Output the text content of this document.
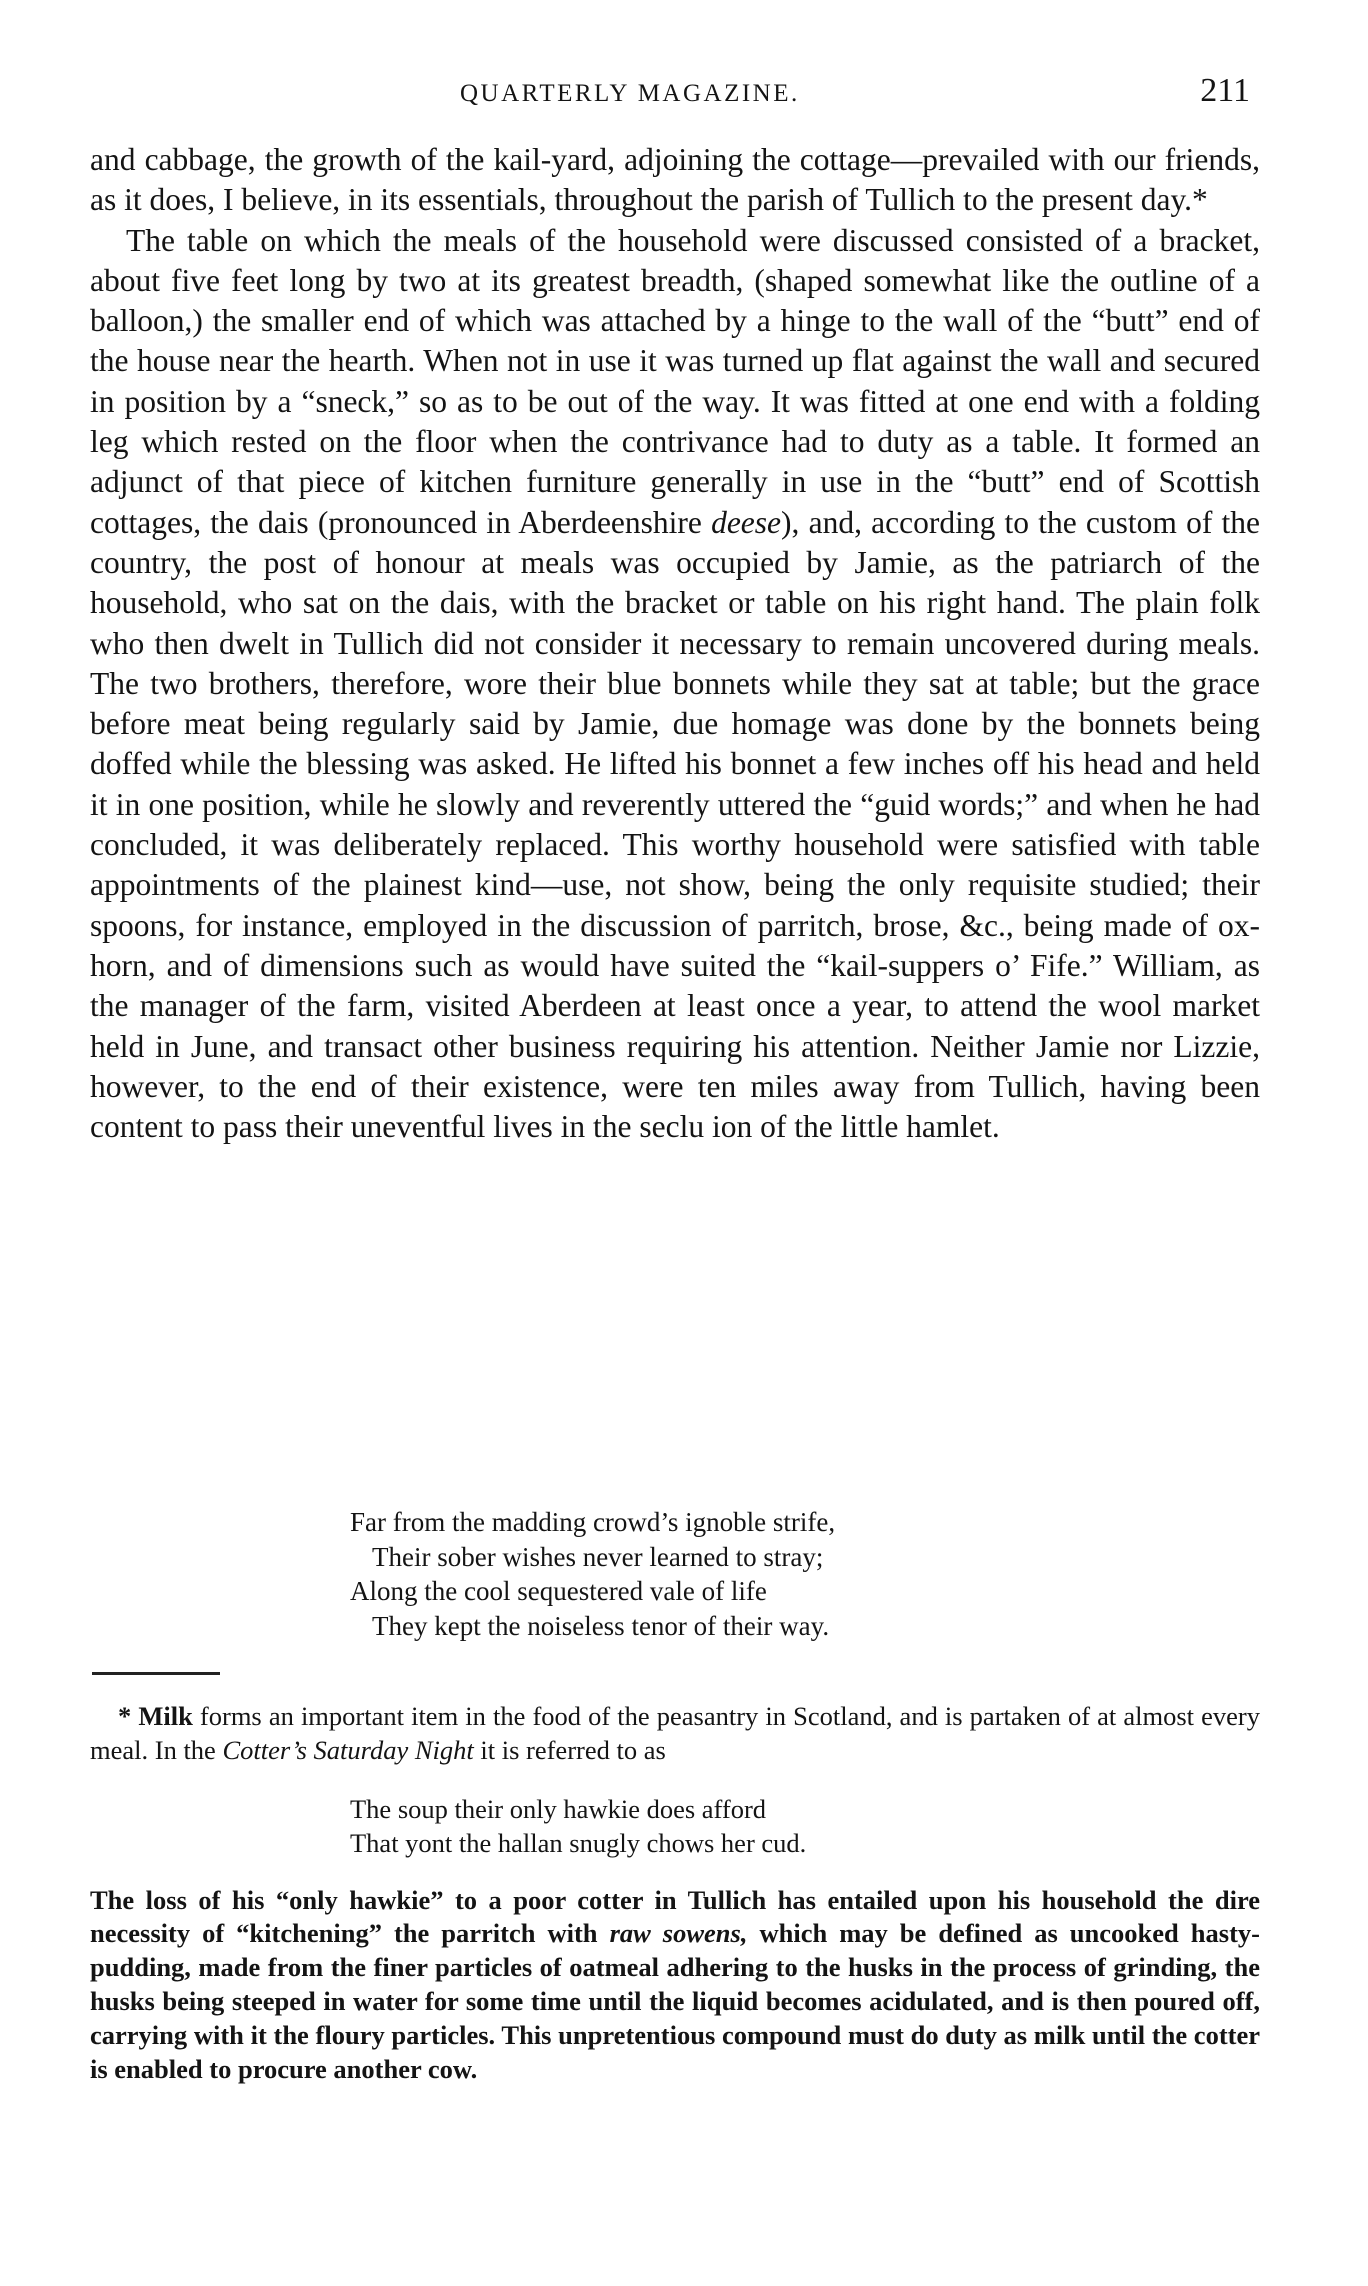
QUARTERLY MAGAZINE.	211

and cabbage, the growth of the kail-yard, adjoining the cottage—prevailed with our friends, as it does, I believe, in its essentials, throughout the parish of Tullich to the present day.*

The table on which the meals of the household were discussed consisted of a bracket, about five feet long by two at its greatest breadth, (shaped somewhat like the outline of a balloon,) the smaller end of which was attached by a hinge to the wall of the “butt” end of the house near the hearth. When not in use it was turned up flat against the wall and secured in position by a “sneck,” so as to be out of the way. It was fitted at one end with a folding leg which rested on the floor when the contrivance had to duty as a table. It formed an adjunct of that piece of kitchen furniture generally in use in the “butt” end of Scottish cottages, the dais (pronounced in Aberdeenshire deese), and, according to the custom of the country, the post of honour at meals was occupied by Jamie, as the patriarch of the household, who sat on the dais, with the bracket or table on his right hand. The plain folk who then dwelt in Tullich did not consider it necessary to remain uncovered during meals. The two brothers, therefore, wore their blue bonnets while they sat at table; but the grace before meat being regularly said by Jamie, due homage was done by the bonnets being doffed while the blessing was asked. He lifted his bonnet a few inches off his head and held it in one position, while he slowly and reverently uttered the “guid words;” and when he had concluded, it was deliberately replaced. This worthy household were satisfied with table appointments of the plainest kind—use, not show, being the only requisite studied; their spoons, for instance, employed in the discussion of parritch, brose, &c., being made of ox-horn, and of dimensions such as would have suited the “kail-suppers o’ Fife.” William, as the manager of the farm, visited Aberdeen at least once a year, to attend the wool market held in June, and transact other business requiring his attention. Neither Jamie nor Lizzie, however, to the end of their existence, were ten miles away from Tullich, having been content to pass their uneventful lives in the seclu ion of the little hamlet.

Far from the madding crowd’s ignoble strife,
Their sober wishes never learned to stray;
Along the cool sequestered vale of life
They kept the noiseless tenor of their way.

* Milk forms an important item in the food of the peasantry in Scotland, and is partaken of at almost every meal. In the Cotter’s Saturday Night it is referred to as

The soup their only hawkie does afford
That yont the hallan snugly chows her cud.

The loss of his “only hawkie” to a poor cotter in Tullich has entailed upon his household the dire necessity of “kitchening” the parritch with raw sowens, which may be defined as uncooked hasty-pudding, made from the finer particles of oatmeal adhering to the husks in the process of grinding, the husks being steeped in water for some time until the liquid becomes acidulated, and is then poured off, carrying with it the floury particles. This unpretentious compound must do duty as milk until the cotter is enabled to procure another cow.
